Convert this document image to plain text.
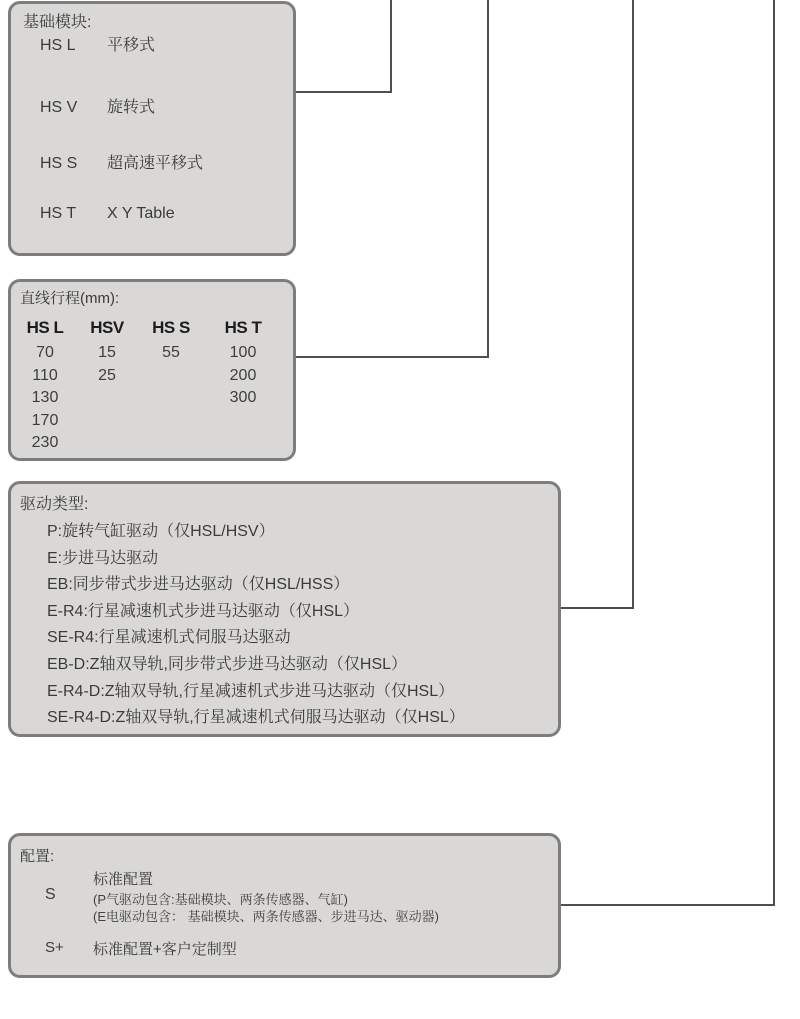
基础模块:
HS L 平移式
HS V 旋转式
HS S 超高速平移式
HS T X Y Table
直线行程(mm):
HS L
70
110
130
170
230
HSV
15
25
HS S
55
HS T
100
200
300
驱动类型:
P:旋转气缸驱动（仅HSL/HSV）
E:步进马达驱动
EB:同步带式步进马达驱动（仅HSL/HSS）
E-R4:行星减速机式步进马达驱动（仅HSL）
SE-R4:行星减速机式伺服马达驱动
EB-D:Z轴双导轨,同步带式步进马达驱动（仅HSL）
E-R4-D:Z轴双导轨,行星减速机式步进马达驱动（仅HSL）
SE-R4-D:Z轴双导轨,行星减速机式伺服马达驱动（仅HSL）
配置:
S
标准配置
(P气驱动包含:基础模块、两条传感器、气缸)
(E电驱动包含： 基础模块、两条传感器、步进马达、驱动器)
S+ 标准配置+客户定制型
